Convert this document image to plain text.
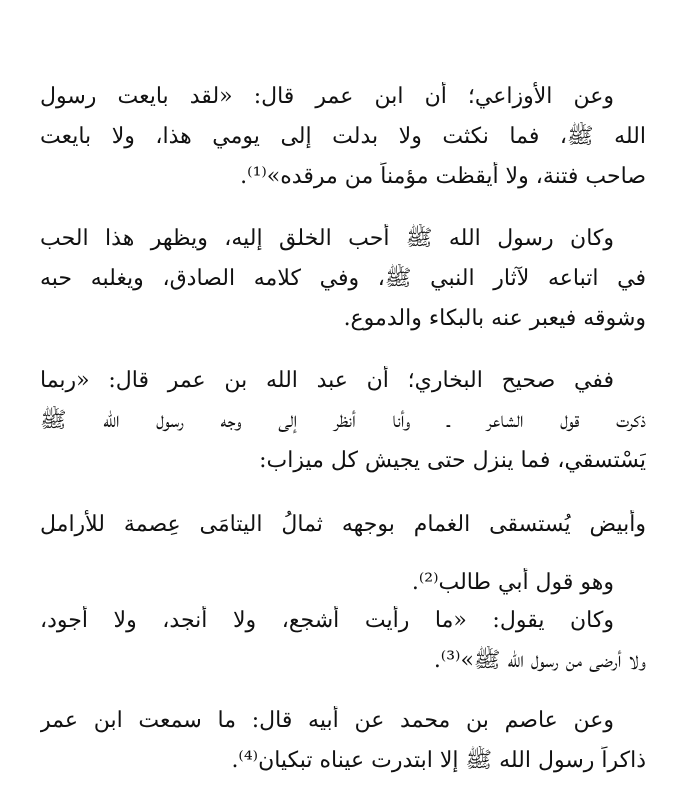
وعن الأوزاعي؛ أن ابن عمر قال: «لقد بايعت رسول
الله ﷺ، فما نكثت ولا بدلت إلى يومي هذا، ولا بايعت
صاحب فتنة، ولا أيقظت مؤمناً من مرقده»⁽¹⁾.
وكان رسول الله ﷺ أحب الخلق إليه، ويظهر هذا الحب
في اتباعه لآثار النبي ﷺ، وفي كلامه الصادق، ويغلبه حبه
وشوقه فيعبر عنه بالبكاء والدموع.
ففي صحيح البخاري؛ أن عبد الله بن عمر قال: «ربما
ذكرت قول الشاعر ـ وأنا أنظر إلى وجه رسول الله ﷺ
يَسْتسقي، فما ينزل حتى يجيش كل ميزاب:
وأبيض يُستسقى الغمام بوجهه ثمالُ اليتامَى عِصمة للأرامل
وهو قول أبي طالب⁽²⁾.
وكان يقول: «ما رأيت أشجع، ولا أنجد، ولا أجود،
ولا أرضى من رسول الله ﷺ»⁽³⁾.
وعن عاصم بن محمد عن أبيه قال: ما سمعت ابن عمر
ذاكراً رسول الله ﷺ إلا ابتدرت عيناه تبكيان⁽⁴⁾.
